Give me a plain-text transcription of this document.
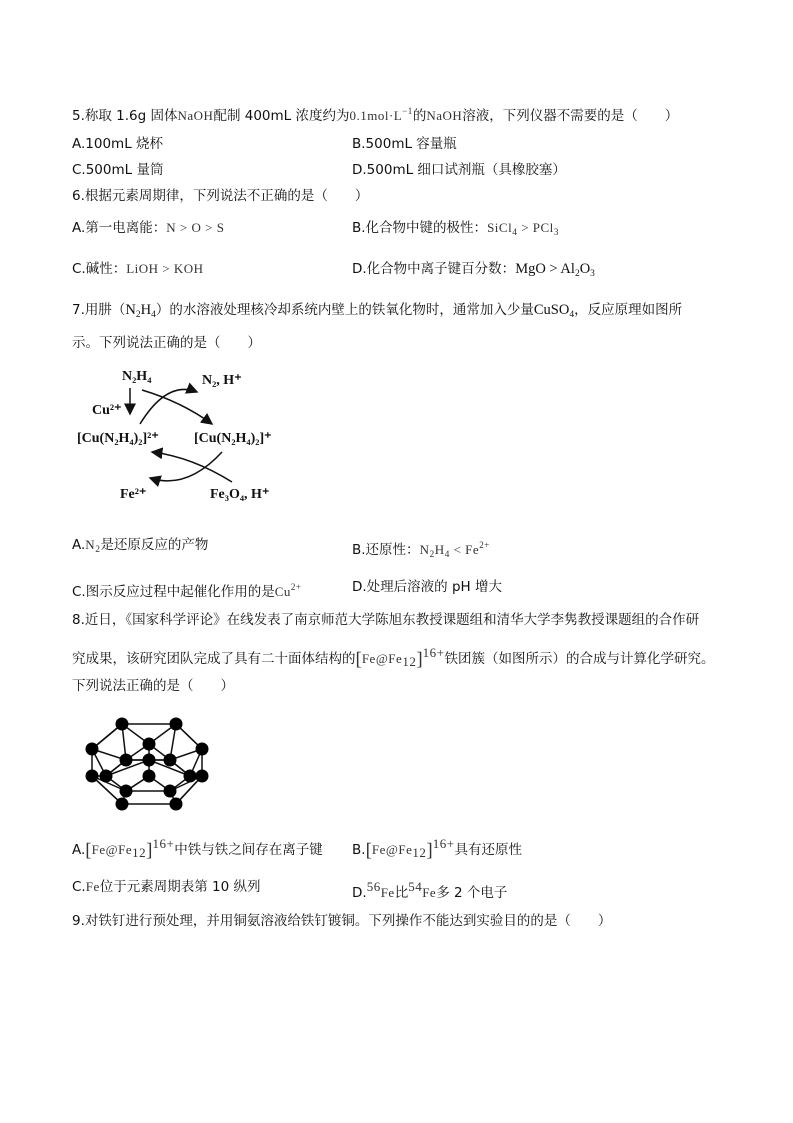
5.称取 1.6g 固体NaOH配制 400mL 浓度约为$0.1mol\cdot L^{-1}$的NaOH溶液，下列仪器不需要的是（　　）
A.100mL 烧杯	B.500mL 容量瓶
C.500mL 量筒	D.500mL 细口试剂瓶（具橡胶塞）
6.根据元素周期律，下列说法不正确的是（　　）
A.第一电离能：N > O > S	B.化合物中键的极性：SiCl$_4$ > PCl$_3$
C.碱性：LiOH > KOH	D.化合物中离子键百分数：MgO > $Al_2O_3$
7.用肼$(N_2H_4)$的水溶液处理核冷却系统内壁上的铁氧化物时，通常加入少量CuSO$_4$，反应原理如图所
示。下列说法正确的是（　　）
N₂H₄	N₂, H⁺
Cu²⁺
[Cu(N₂H₄)₂]²⁺	[Cu(N₂H₄)₂]⁺
Fe²⁺	Fe₃O₄, H⁺
$A.N_2$是还原反应的产物	B.还原性：$N_2H_4 < Fe^{2+}$
C.图示反应过程中起催化作用的是$Cu^{2+}$	D.处理后溶液的 pH 增大
8.近日，《国家科学评论》在线发表了南京师范大学陈旭东教授课题组和清华大学李隽教授课题组的合作研
究成果，该研究团队完成了具有二十面体结构的$[Fe@Fe_{12}]^{16+}$铁团簇（如图所示）的合成与计算化学研究。
下列说法正确的是（　　）
$A.[Fe@Fe_{12}]^{16+}$中铁与铁之间存在离子键 $B.[Fe@Fe_{12}]^{16+}$具有还原性
C.Fe位于元素周期表第 10 纵列	D.$^{56}$Fe比$^{54}$Fe多 2 个电子
9.对铁钉进行预处理，并用铜氨溶液给铁钉镀铜。下列操作不能达到实验目的的是（　　）
